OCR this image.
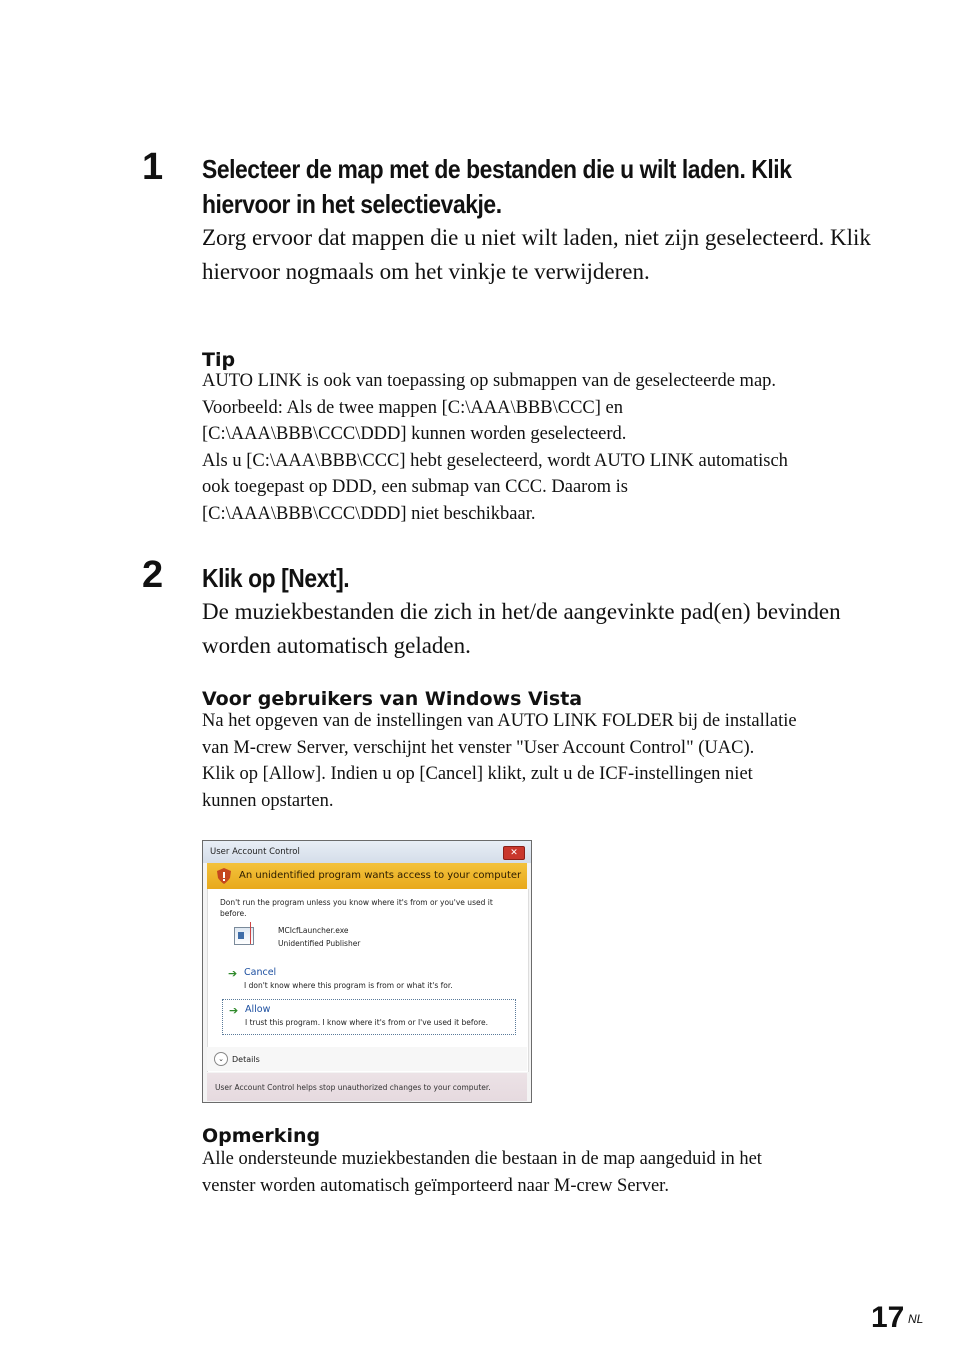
1 Selecteer de map met de bestanden die u wilt laden. Klik hiervoor in het selectievakje.

Zorg ervoor dat mappen die u niet wilt laden, niet zijn geselecteerd. Klik hiervoor nogmaals om het vinkje te verwijderen.

Tip
AUTO LINK is ook van toepassing op submappen van de geselecteerde map.
Voorbeeld: Als de twee mappen [C:\AAA\BBB\CCC] en
[C:\AAA\BBB\CCC\DDD] kunnen worden geselecteerd.
Als u [C:\AAA\BBB\CCC] hebt geselecteerd, wordt AUTO LINK automatisch
ook toegepast op DDD, een submap van CCC. Daarom is
[C:\AAA\BBB\CCC\DDD] niet beschikbaar.
2 Klik op [Next].

De muziekbestanden die zich in het/de aangevinkte pad(en) bevinden worden automatisch geladen.

Voor gebruikers van Windows Vista
Na het opgeven van de instellingen van AUTO LINK FOLDER bij de installatie
van M-crew Server, verschijnt het venster "User Account Control" (UAC).
Klik op [Allow]. Indien u op [Cancel] klikt, zult u de ICF-instellingen niet
kunnen opstarten.
User Account Control	✕
An unidentified program wants access to your computer
Don't run the program unless you know where it's from or you've used it before.
MCIcfLauncher.exe
Unidentified Publisher
➔ Cancel
I don't know where this program is from or what it's for.
➔ Allow
I trust this program. I know where it's from or I've used it before.
⌄	Details
User Account Control helps stop unauthorized changes to your computer.
Opmerking
Alle ondersteunde muziekbestanden die bestaan in de map aangeduid in het
venster worden automatisch geïmporteerd naar M-crew Server.
17 NL
